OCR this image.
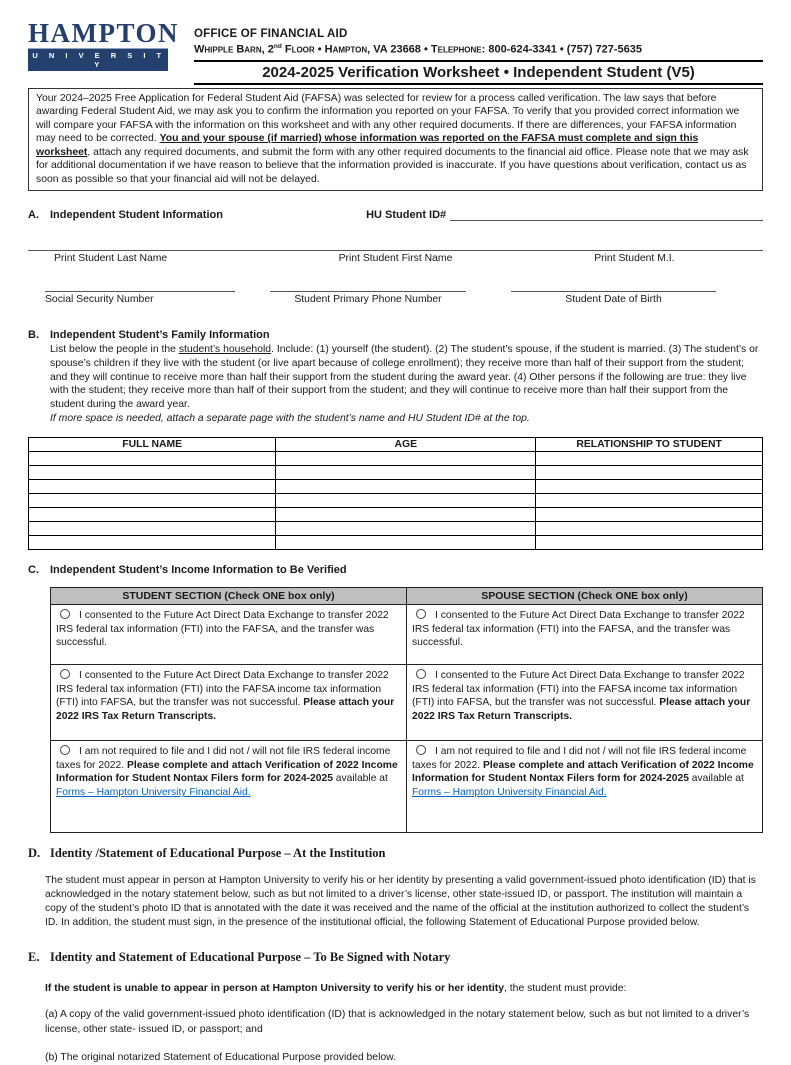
HAMPTON
U N I V E R S I T Y
OFFICE OF FINANCIAL AID
Whipple Barn, 2nd Floor • Hampton, VA 23668 • Telephone: 800-624-3341 • (757) 727-5635
2024-2025 Verification Worksheet • Independent Student (V5)
Your 2024–2025 Free Application for Federal Student Aid (FAFSA) was selected for review for a process called verification. The law says that before awarding Federal Student Aid, we may ask you to confirm the information you reported on your FAFSA. To verify that you provided correct information we will compare your FAFSA with the information on this worksheet and with any other required documents. If there are differences, your FAFSA information may need to be corrected. You and your spouse (if married) whose information was reported on the FAFSA must complete and sign this worksheet, attach any required documents, and submit the form with any other required documents to the financial aid office. Please note that we may ask for additional documentation if we have reason to believe that the information provided is inaccurate. If you have questions about verification, contact us as soon as possible so that your financial aid will not be delayed.
A.	Independent Student Information	HU Student ID#
Print Student Last Name	Print Student First Name	Print Student M.I.
Social Security Number	Student Primary Phone Number	Student Date of Birth
B.	Independent Student’s Family Information
List below the people in the student’s household. Include: (1) yourself (the student). (2) The student’s spouse, if the student is married. (3) The student’s or spouse’s children if they live with the student (or live apart because of college enrollment); they receive more than half of their support from the student; and they will continue to receive more than half their support from the student during the award year. (4) Other persons if the following are true: they live with the student; they receive more than half of their support from the student; and they will continue to receive more than half their support from the student during the award year.
If more space is needed, attach a separate page with the student’s name and HU Student ID# at the top.
FULL NAME	AGE	RELATIONSHIP TO STUDENT

C.	Independent Student’s Income Information to Be Verified
STUDENT SECTION (Check ONE box only)	SPOUSE SECTION (Check ONE box only)
I consented to the Future Act Direct Data Exchange to transfer 2022 IRS federal tax information (FTI) into the FAFSA, and the transfer was successful.	I consented to the Future Act Direct Data Exchange to transfer 2022 IRS federal tax information (FTI) into the FAFSA, and the transfer was successful.
I consented to the Future Act Direct Data Exchange to transfer 2022 IRS federal tax information (FTI) into the FAFSA income tax information (FTI) into FAFSA, but the transfer was not successful. Please attach your 2022 IRS Tax Return Transcripts.	I consented to the Future Act Direct Data Exchange to transfer 2022 IRS federal tax information (FTI) into the FAFSA income tax information (FTI) into FAFSA, but the transfer was not successful. Please attach your 2022 IRS Tax Return Transcripts.
I am not required to file and I did not / will not file IRS federal income taxes for 2022. Please complete and attach Verification of 2022 Income Information for Student Nontax Filers form for 2024-2025 available at Forms – Hampton University Financial Aid.	I am not required to file and I did not / will not file IRS federal income taxes for 2022. Please complete and attach Verification of 2022 Income Information for Student Nontax Filers form for 2024-2025 available at Forms – Hampton University Financial Aid.
D. Identity /Statement of Educational Purpose – At the Institution
The student must appear in person at Hampton University to verify his or her identity by presenting a valid government-issued photo identification (ID) that is acknowledged in the notary statement below, such as but not limited to a driver’s license, other state-issued ID, or passport. The institution will maintain a copy of the student’s photo ID that is annotated with the date it was received and the name of the official at the institution authorized to collect the student’s ID. In addition, the student must sign, in the presence of the institutional official, the following Statement of Educational Purpose provided below.
E. Identity and Statement of Educational Purpose – To Be Signed with Notary
If the student is unable to appear in person at Hampton University to verify his or her identity, the student must provide:
(a) A copy of the valid government-issued photo identification (ID) that is acknowledged in the notary statement below, such as but not limited to a driver’s license, other state- issued ID, or passport; and
(b) The original notarized Statement of Educational Purpose provided below.
